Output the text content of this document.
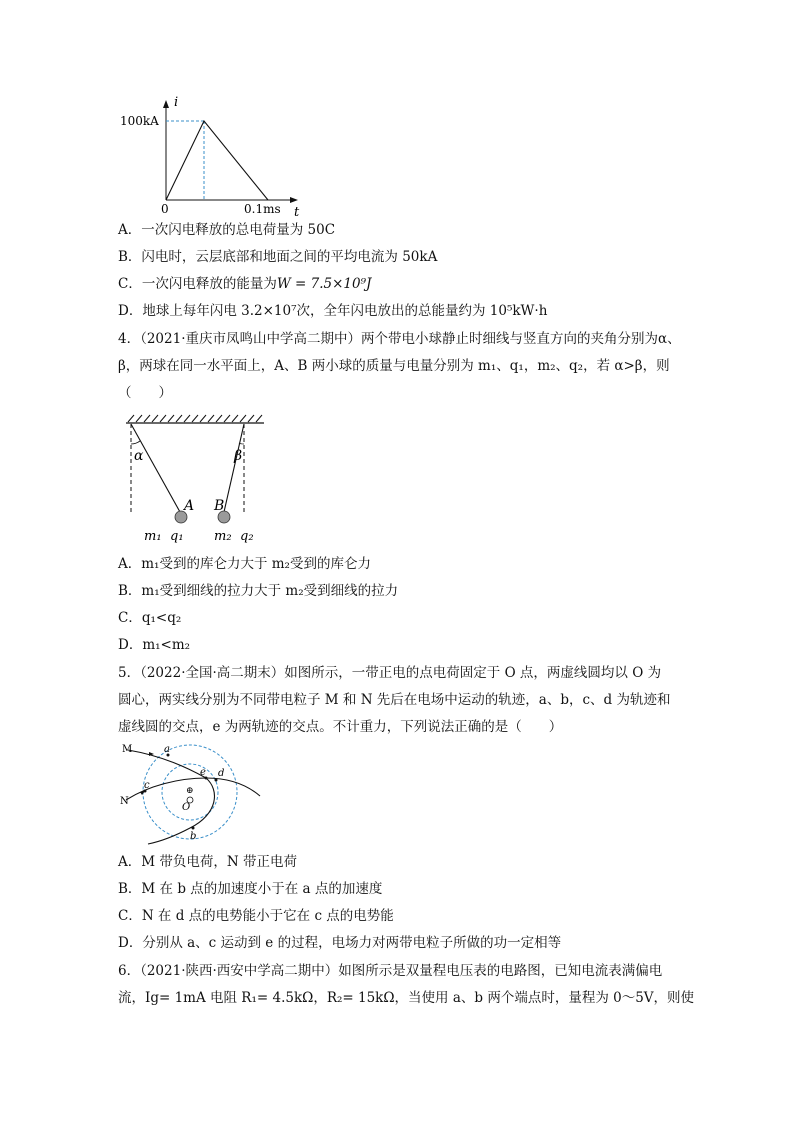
i
t
0
100kA
0.1ms
A．一次闪电释放的总电荷量为 50C
B．闪电时，云层底部和地面之间的平均电流为 50kA
C．一次闪电释放的能量为W = 7.5×10⁹J
D．地球上每年闪电 3.2×10⁷次，全年闪电放出的总能量约为 10⁵kW·h
4．（2021·重庆市凤鸣山中学高二期中）两个带电小球静止时细线与竖直方向的夹角分别为α、
β，两球在同一水平面上，A、B 两小球的质量与电量分别为 m₁、q₁，m₂、q₂，若 α>β，则
（　　）
α	β
A B
m₁ q₁ m₂ q₂
A．m₁受到的库仑力大于 m₂受到的库仑力
B．m₁受到细线的拉力大于 m₂受到细线的拉力
C．q₁<q₂
D．m₁<m₂
5．（2022·全国·高二期末）如图所示，一带正电的点电荷固定于 O 点，两虚线圆均以 O 为
圆心，两实线分别为不同带电粒子 M 和 N 先后在电场中运动的轨迹，a、b，c、d 为轨迹和
虚线圆的交点，e 为两轨迹的交点。不计重力，下列说法正确的是（　　）
M
N
a
b
c
d
e
⊕
O
A．M 带负电荷，N 带正电荷
B．M 在 b 点的加速度小于在 a 点的加速度
C．N 在 d 点的电势能小于它在 c 点的电势能
D．分别从 a、c 运动到 e 的过程，电场力对两带电粒子所做的功一定相等
6．（2021·陕西·西安中学高二期中）如图所示是双量程电压表的电路图，已知电流表满偏电
流，Ig= 1mA 电阻 R₁= 4.5kΩ，R₂= 15kΩ，当使用 a、b 两个端点时，量程为 0～5V，则使
